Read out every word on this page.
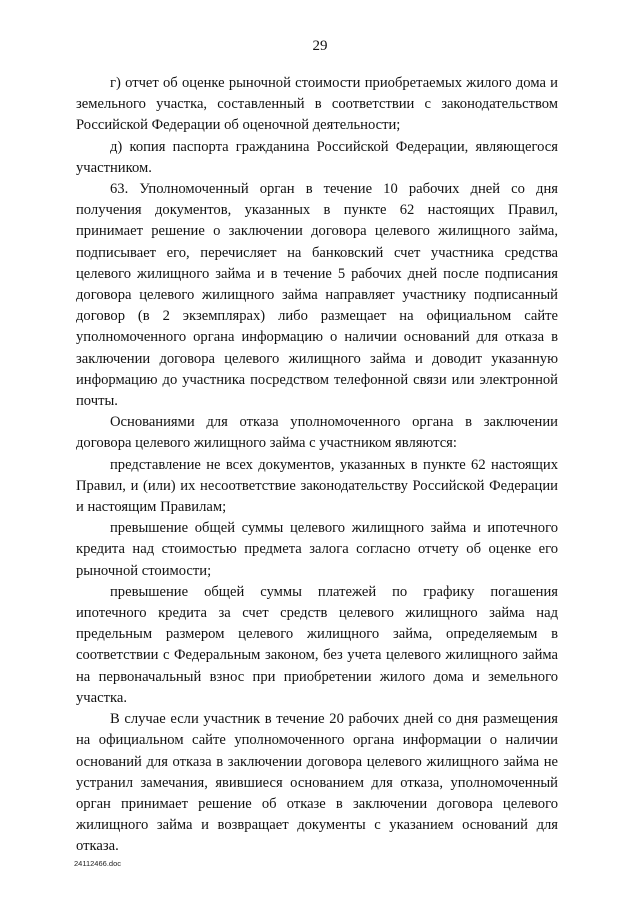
29

г) отчет об оценке рыночной стоимости приобретаемых жилого дома и земельного участка, составленный в соответствии с законодательством Российской Федерации об оценочной деятельности;

д) копия паспорта гражданина Российской Федерации, являющегося участником.

63. Уполномоченный орган в течение 10 рабочих дней со дня получения документов, указанных в пункте 62 настоящих Правил, принимает решение о заключении договора целевого жилищного займа, подписывает его, перечисляет на банковский счет участника средства целевого жилищного займа и в течение 5 рабочих дней после подписания договора целевого жилищного займа направляет участнику подписанный договор (в 2 экземплярах) либо размещает на официальном сайте уполномоченного органа информацию о наличии оснований для отказа в заключении договора целевого жилищного займа и доводит указанную информацию до участника посредством телефонной связи или электронной почты.

Основаниями для отказа уполномоченного органа в заключении договора целевого жилищного займа с участником являются:

представление не всех документов, указанных в пункте 62 настоящих Правил, и (или) их несоответствие законодательству Российской Федерации и настоящим Правилам;

превышение общей суммы целевого жилищного займа и ипотечного кредита над стоимостью предмета залога согласно отчету об оценке его рыночной стоимости;

превышение общей суммы платежей по графику погашения ипотечного кредита за счет средств целевого жилищного займа над предельным размером целевого жилищного займа, определяемым в соответствии с Федеральным законом, без учета целевого жилищного займа на первоначальный взнос при приобретении жилого дома и земельного участка.

В случае если участник в течение 20 рабочих дней со дня размещения на официальном сайте уполномоченного органа информации о наличии оснований для отказа в заключении договора целевого жилищного займа не устранил замечания, явившиеся основанием для отказа, уполномоченный орган принимает решение об отказе в заключении договора целевого жилищного займа и возвращает документы с указанием оснований для отказа.

24112466.doc
